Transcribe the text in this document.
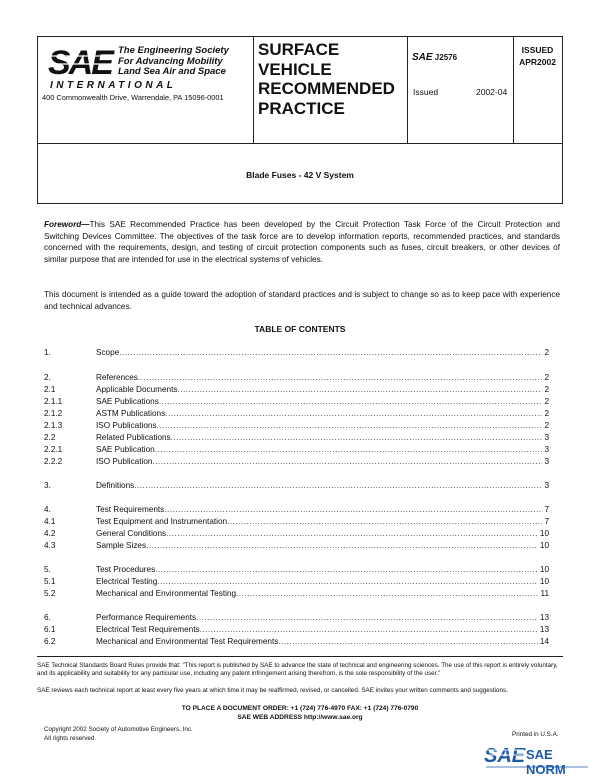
SAE The Engineering Society
For Advancing Mobility
Land Sea Air and Space
INTERNATIONAL
400 Commonwealth Drive, Warrendale, PA 15096-0001
SURFACE
VEHICLE
RECOMMENDED
PRACTICE
SAE J2576
Issued	2002-04
ISSUED
APR2002
Blade Fuses - 42 V System
Foreword—This SAE Recommended Practice has been developed by the Circuit Protection Task Force of the Circuit Protection and Switching Devices Committee. The objectives of the task force are to develop information reports, recommended practices, and standards concerned with the requirements, design, and testing of circuit protection components such as fuses, circuit breakers, or other devices of similar purpose that are intended for use in the electrical systems of vehicles.
This document is intended as a guide toward the adoption of standard practices and is subject to change so as to keep pace with experience and technical advances.
TABLE OF CONTENTS
1.	Scope .....	2
2.	References .....	2
2.1	Applicable Documents .....	2
2.1.1	SAE Publications .....	2
2.1.2	ASTM Publications .....	2
2.1.3	ISO Publications .....	2
2.2	Related Publications .....	3
2.2.1	SAE Publication .....	3
2.2.2	ISO Publication .....	3
3.	Definitions .....	3
4.	Test Requirements .....	7
4.1	Test Equipment and Instrumentation .....	7
4.2	General Conditions .....	10
4.3	Sample Sizes .....	10
5.	Test Procedures .....	10
5.1	Electrical Testing .....	10
5.2	Mechanical and Environmental Testing .....	11
6.	Performance Requirements .....	13
6.1	Electrical Test Requirements .....	13
6.2	Mechanical and Environmental Test Requirements .....	14
SAE Technical Standards Board Rules provide that: "This report is published by SAE to advance the state of technical and engineering sciences. The use of this report is entirely voluntary, and its applicability and suitability for any particular use, including any patent infringement arising therefrom, is the sole responsibility of the user."
SAE reviews each technical report at least every five years at which time it may be reaffirmed, revised, or cancelled. SAE invites your written comments and suggestions.
TO PLACE A DOCUMENT ORDER: +1 (724) 776-4970 FAX: +1 (724) 776-0790
SAE WEB ADDRESS http://www.sae.org
Copyright 2002 Society of Automotive Engineers, Inc.
All rights reserved.	Printed in U.S.A.
SAE SAE NORM
